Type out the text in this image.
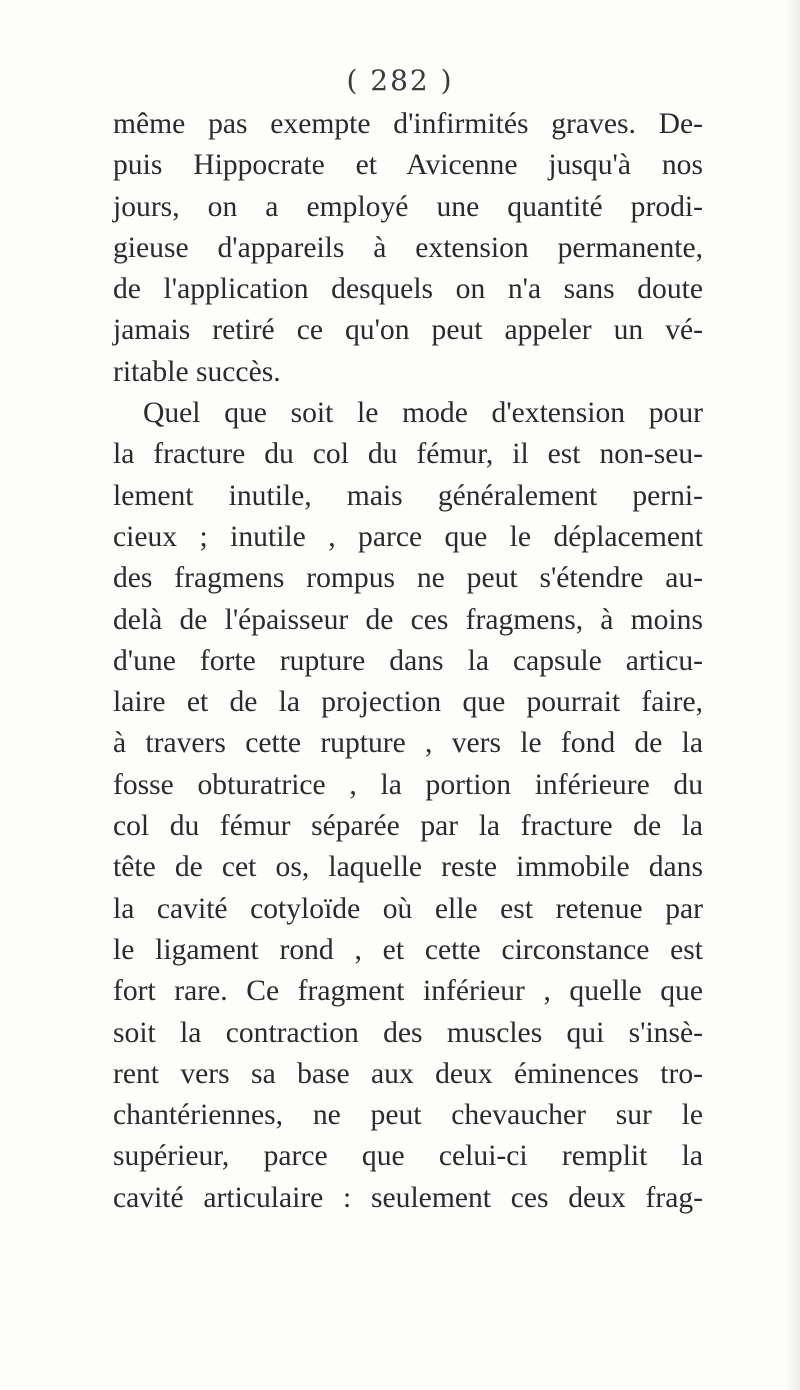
( 282 )
même pas exempte d'infirmités graves. De-
puis Hippocrate et Avicenne jusqu'à nos
jours, on a employé une quantité prodi-
gieuse d'appareils à extension permanente,
de l'application desquels on n'a sans doute
jamais retiré ce qu'on peut appeler un vé-
ritable succès.
Quel que soit le mode d'extension pour
la fracture du col du fémur, il est non-seu-
lement inutile, mais généralement perni-
cieux ; inutile , parce que le déplacement
des fragmens rompus ne peut s'étendre au-
delà de l'épaisseur de ces fragmens, à moins
d'une forte rupture dans la capsule articu-
laire et de la projection que pourrait faire,
à travers cette rupture , vers le fond de la
fosse obturatrice , la portion inférieure du
col du fémur séparée par la fracture de la
tête de cet os, laquelle reste immobile dans
la cavité cotyloïde où elle est retenue par
le ligament rond , et cette circonstance est
fort rare. Ce fragment inférieur , quelle que
soit la contraction des muscles qui s'insè-
rent vers sa base aux deux éminences tro-
chantériennes, ne peut chevaucher sur le
supérieur, parce que celui-ci remplit la
cavité articulaire : seulement ces deux frag-
